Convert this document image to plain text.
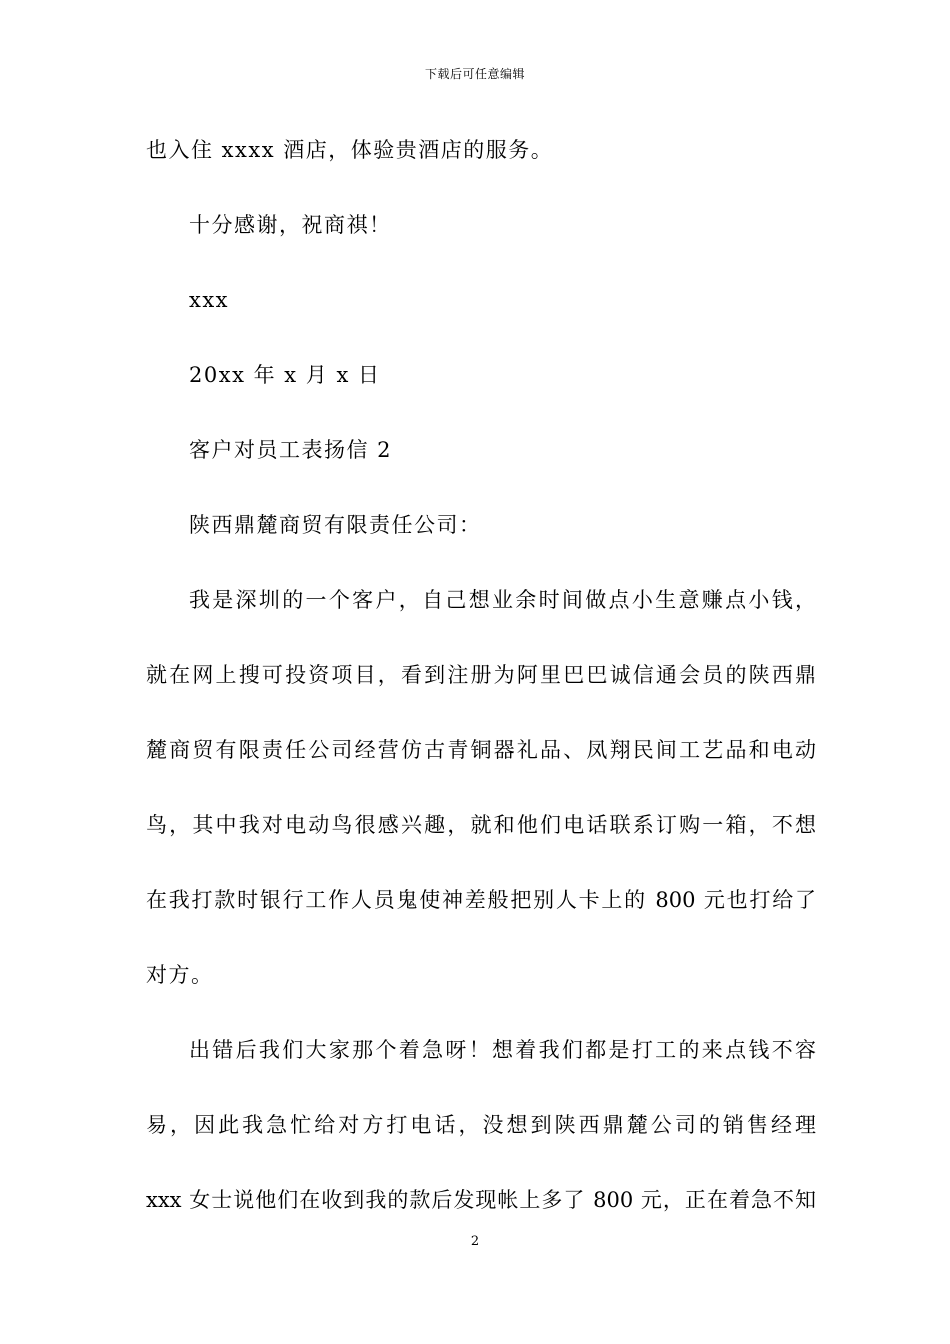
下载后可任意编辑
也入住 xxxx 酒店，体验贵酒店的服务。
十分感谢，祝商祺！
xxx
20xx 年 x 月 x 日
客户对员工表扬信 2
陕西鼎麓商贸有限责任公司：
我是深圳的一个客户，自己想业余时间做点小生意赚点小钱，
就在网上搜可投资项目，看到注册为阿里巴巴诚信通会员的陕西鼎
麓商贸有限责任公司经营仿古青铜器礼品、凤翔民间工艺品和电动
鸟，其中我对电动鸟很感兴趣，就和他们电话联系订购一箱，不想
在我打款时银行工作人员鬼使神差般把别人卡上的 800 元也打给了
对方。
出错后我们大家那个着急呀！想着我们都是打工的来点钱不容
易，因此我急忙给对方打电话，没想到陕西鼎麓公司的销售经理
xxx 女士说他们在收到我的款后发现帐上多了 800 元，正在着急不知
2
